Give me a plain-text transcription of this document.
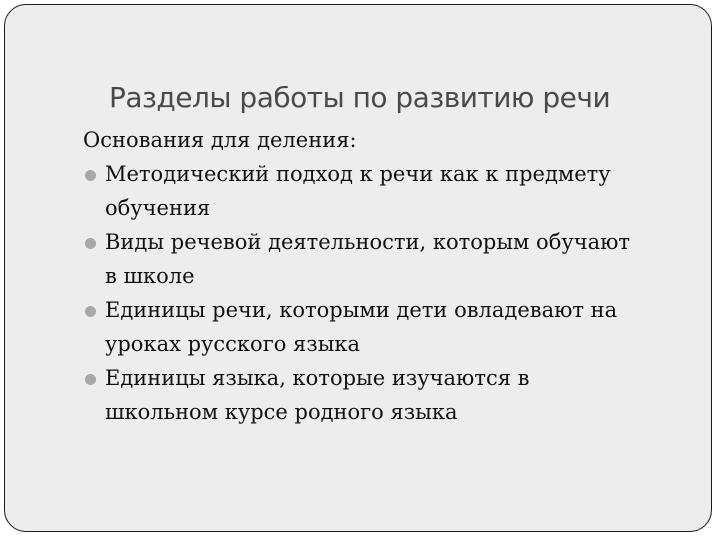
Разделы работы по развитию речи

Основания для деления:

Методический подход к речи как к предмету
обучения
Виды речевой деятельности, которым обучают
в школе
Единицы речи, которыми дети овладевают на
уроках русского языка
Единицы языка, которые изучаются в
школьном курсе родного языка
